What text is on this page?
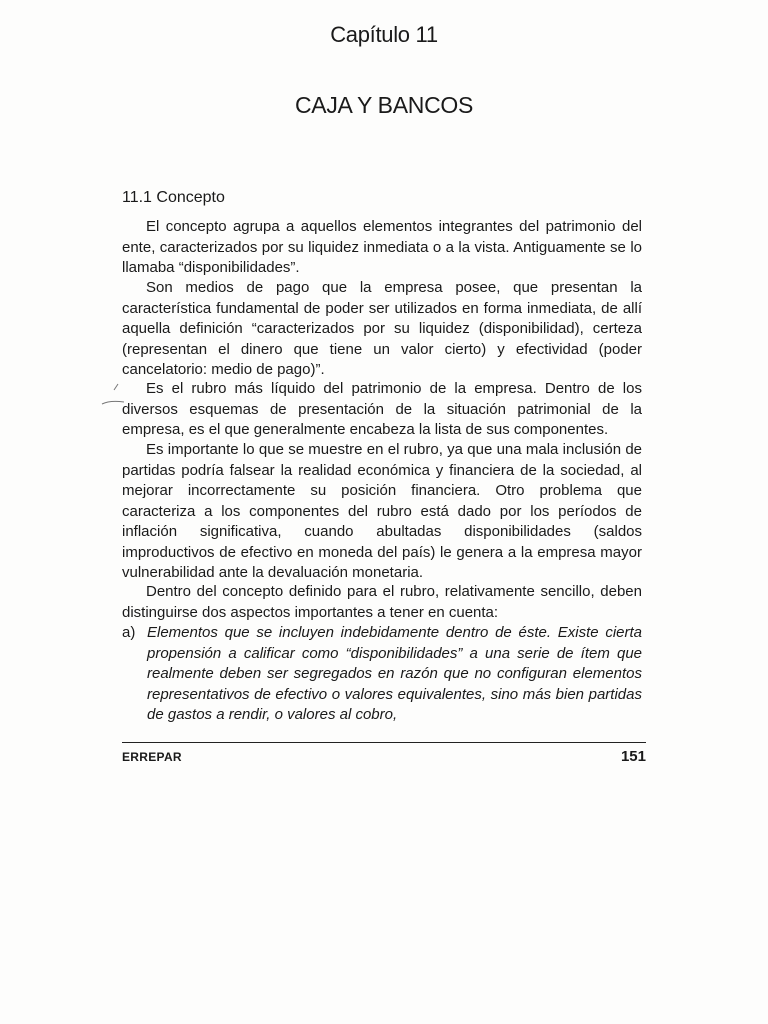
Capítulo 11
CAJA Y BANCOS
11.1 Concepto

El concepto agrupa a aquellos elementos integrantes del patrimonio del ente, caracterizados por su liquidez inmediata o a la vista. Antiguamente se lo llamaba “disponibilidades”.

Son medios de pago que la empresa posee, que presentan la característica fundamental de poder ser utilizados en forma inmediata, de allí aquella definición “caracterizados por su liquidez (disponibilidad), certeza (representan el dinero que tiene un valor cierto) y efectividad (poder cancelatorio: medio de pago)”.

Es el rubro más líquido del patrimonio de la empresa. Dentro de los diversos esquemas de presentación de la situación patrimonial de la empresa, es el que generalmente encabeza la lista de sus componentes.

Es importante lo que se muestre en el rubro, ya que una mala inclusión de partidas podría falsear la realidad económica y financiera de la sociedad, al mejorar incorrectamente su posición financiera. Otro problema que caracteriza a los componentes del rubro está dado por los períodos de inflación significativa, cuando abultadas disponibilidades (saldos improductivos de efectivo en moneda del país) le genera a la empresa mayor vulnerabilidad ante la devaluación monetaria.

Dentro del concepto definido para el rubro, relativamente sencillo, deben distinguirse dos aspectos importantes a tener en cuenta:

a) Elementos que se incluyen indebidamente dentro de éste. Existe cierta propensión a calificar como “disponibilidades” a una serie de ítem que realmente deben ser segregados en razón que no configuran elementos representativos de efectivo o valores equivalentes, sino más bien partidas de gastos a rendir, o valores al cobro,
ERREPAR	151
